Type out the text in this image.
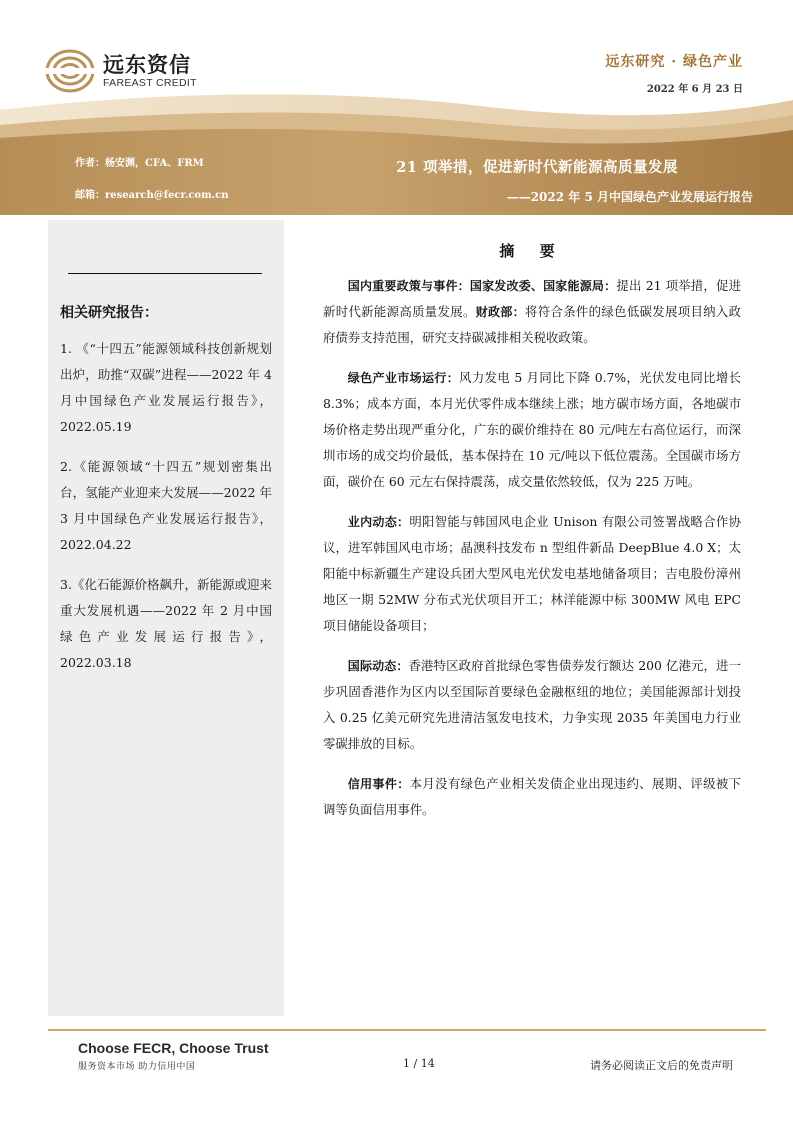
远东资信
FAREAST CREDIT
远东研究 · 绿色产业
2022 年 6 月 23 日
作者：杨安渊，CFA、FRM
邮箱：research@fecr.com.cn
21 项举措，促进新时代新能源高质量发展
——2022 年 5 月中国绿色产业发展运行报告
相关研究报告：
1. 《“十四五”能源领域科技创新规划出炉，助推“双碳”进程——2022 年 4 月中国绿色产业发展运行报告》，2022.05.19
2.《能源领域“十四五”规划密集出台，氢能产业迎来大发展——2022 年 3 月中国绿色产业发展运行报告》，2022.04.22
3.《化石能源价格飙升，新能源或迎来重大发展机遇——2022 年 2 月中国绿色产业发展运行报告》，2022.03.18
摘 要

国内重要政策与事件：国家发改委、国家能源局：提出 21 项举措，促进新时代新能源高质量发展。财政部：将符合条件的绿色低碳发展项目纳入政府债券支持范围，研究支持碳减排相关税收政策。

绿色产业市场运行：风力发电 5 月同比下降 0.7%，光伏发电同比增长 8.3%；成本方面，本月光伏零件成本继续上涨；地方碳市场方面，各地碳市场价格走势出现严重分化，广东的碳价维持在 80 元/吨左右高位运行，而深圳市场的成交均价最低，基本保持在 10 元/吨以下低位震荡。全国碳市场方面，碳价在 60 元左右保持震荡，成交量依然较低，仅为 225 万吨。

业内动态：明阳智能与韩国风电企业 Unison 有限公司签署战略合作协议，进军韩国风电市场；晶澳科技发布 n 型组件新品 DeepBlue 4.0 X；太阳能中标新疆生产建设兵团大型风电光伏发电基地储备项目；吉电股份漳州地区一期 52MW 分布式光伏项目开工；林洋能源中标 300MW 风电 EPC 项目储能设备项目；

国际动态：香港特区政府首批绿色零售债券发行额达 200 亿港元，进一步巩固香港作为区内以至国际首要绿色金融枢纽的地位；美国能源部计划投入 0.25 亿美元研究先进清洁氢发电技术，力争实现 2035 年美国电力行业零碳排放的目标。

信用事件：本月没有绿色产业相关发债企业出现违约、展期、评级被下调等负面信用事件。

Choose FECR, Choose Trust
服务资本市场 助力信用中国	1 / 14	请务必阅读正文后的免责声明
